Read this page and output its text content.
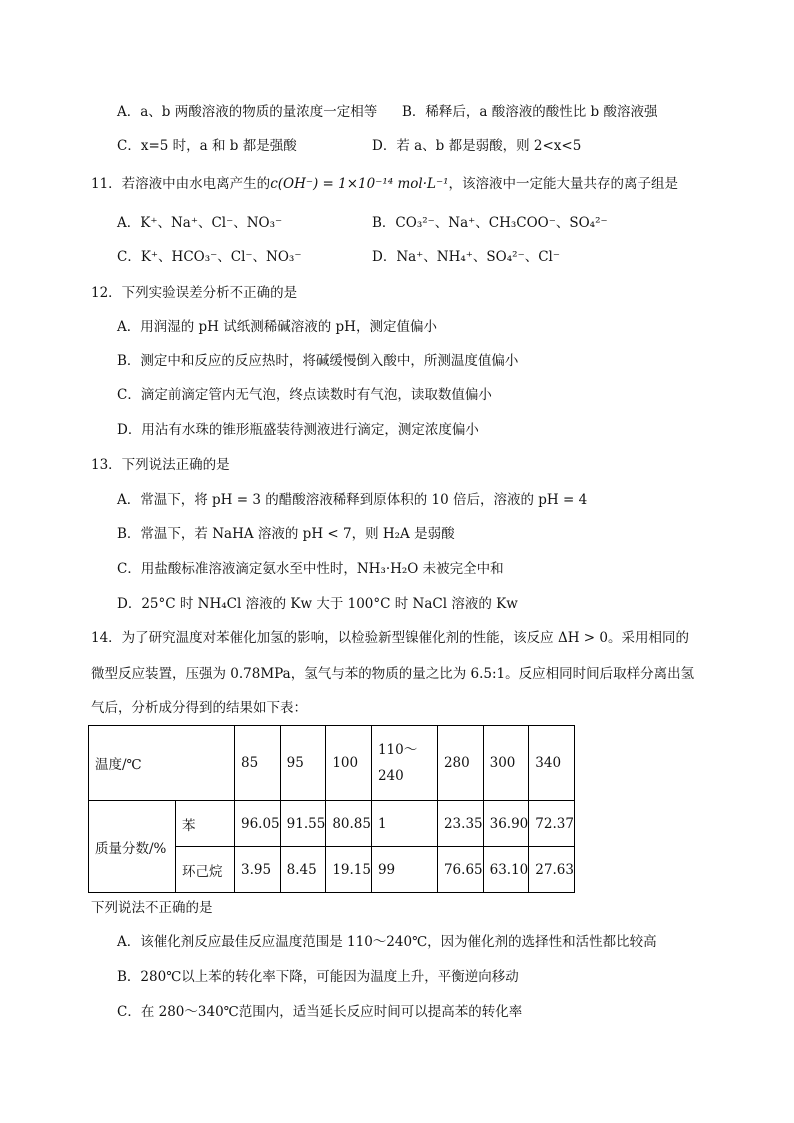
A．a、b 两酸溶液的物质的量浓度一定相等 B．稀释后，a 酸溶液的酸性比 b 酸溶液强
C．x=5 时，a 和 b 都是强酸	D．若 a、b 都是弱酸，则 2<x<5
11．若溶液中由水电离产生的c(OH⁻) = 1×10⁻¹⁴ mol·L⁻¹，该溶液中一定能大量共存的离子组是
A．K⁺、Na⁺、Cl⁻、NO₃⁻	B．CO₃²⁻、Na⁺、CH₃COO⁻、SO₄²⁻
C．K⁺、HCO₃⁻、Cl⁻、NO₃⁻	D．Na⁺、NH₄⁺、SO₄²⁻、Cl⁻
12．下列实验误差分析不正确的是
A．用润湿的 pH 试纸测稀碱溶液的 pH，测定值偏小
B．测定中和反应的反应热时，将碱缓慢倒入酸中，所测温度值偏小
C．滴定前滴定管内无气泡，终点读数时有气泡，读取数值偏小
D．用沾有水珠的锥形瓶盛装待测液进行滴定，测定浓度偏小
13．下列说法正确的是
A．常温下，将 pH = 3 的醋酸溶液稀释到原体积的 10 倍后，溶液的 pH = 4
B．常温下，若 NaHA 溶液的 pH < 7，则 H₂A 是弱酸
C．用盐酸标准溶液滴定氨水至中性时，NH₃·H₂O 未被完全中和
D．25°C 时 NH₄Cl 溶液的 Kw 大于 100°C 时 NaCl 溶液的 Kw
14．为了研究温度对苯催化加氢的影响，以检验新型镍催化剂的性能，该反应 ΔH > 0。采用相同的
微型反应装置，压强为 0.78MPa，氢气与苯的物质的量之比为 6.5:1。反应相同时间后取样分离出氢
气后，分析成分得到的结果如下表：
温度/℃		85	95	100	110～240	280	300	340
质量分数/%	苯	96.05	91.55	80.85	1	23.35	36.90	72.37
	环己烷	3.95	8.45	19.15	99	76.65	63.10	27.63
下列说法不正确的是
A．该催化剂反应最佳反应温度范围是 110～240℃，因为催化剂的选择性和活性都比较高
B．280℃以上苯的转化率下降，可能因为温度上升，平衡逆向移动
C．在 280～340℃范围内，适当延长反应时间可以提高苯的转化率
